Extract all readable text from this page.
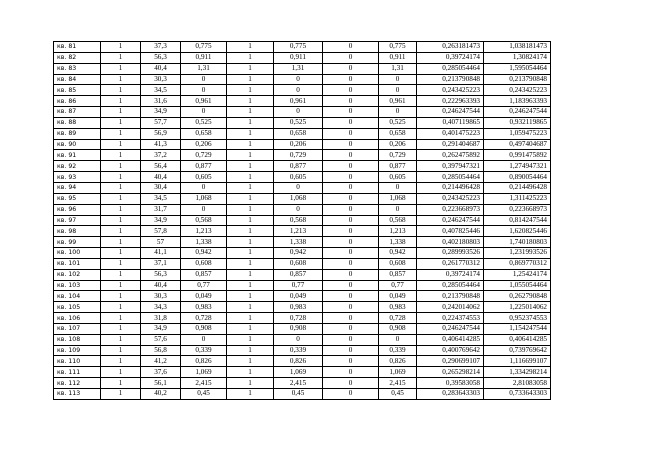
кв. 81	1	37,3	0,775	1	0,775	0	0,775	0,263181473	1,038181473
кв. 82	1	56,3	0,911	1	0,911	0	0,911	0,39724174	1,30824174
кв. 83	1	40,4	1,31	1	1,31	0	1,31	0,285054464	1,595054464
кв. 84	1	30,3	0	1	0	0	0	0,213790848	0,213790848
кв. 85	1	34,5	0	1	0	0	0	0,243425223	0,243425223
кв. 86	1	31,6	0,961	1	0,961	0	0,961	0,222963393	1,183963393
кв. 87	1	34,9	0	1	0	0	0	0,246247544	0,246247544
кв. 88	1	57,7	0,525	1	0,525	0	0,525	0,407119865	0,932119865
кв. 89	1	56,9	0,658	1	0,658	0	0,658	0,401475223	1,059475223
кв. 90	1	41,3	0,206	1	0,206	0	0,206	0,291404687	0,497404687
кв. 91	1	37,2	0,729	1	0,729	0	0,729	0,262475892	0,991475892
кв. 92	1	56,4	0,877	1	0,877	0	0,877	0,397947321	1,274947321
кв. 93	1	40,4	0,605	1	0,605	0	0,605	0,285054464	0,890054464
кв. 94	1	30,4	0	1	0	0	0	0,214496428	0,214496428
кв. 95	1	34,5	1,068	1	1,068	0	1,068	0,243425223	1,311425223
кв. 96	1	31,7	0	1	0	0	0	0,223668973	0,223668973
кв. 97	1	34,9	0,568	1	0,568	0	0,568	0,246247544	0,814247544
кв. 98	1	57,8	1,213	1	1,213	0	1,213	0,407825446	1,620825446
кв. 99	1	57	1,338	1	1,338	0	1,338	0,402180803	1,740180803
кв. 100	1	41,1	0,942	1	0,942	0	0,942	0,289993526	1,231993526
кв. 101	1	37,1	0,608	1	0,608	0	0,608	0,261770312	0,869770312
кв. 102	1	56,3	0,857	1	0,857	0	0,857	0,39724174	1,25424174
кв. 103	1	40,4	0,77	1	0,77	0	0,77	0,285054464	1,055054464
кв. 104	1	30,3	0,049	1	0,049	0	0,049	0,213790848	0,262790848
кв. 105	1	34,3	0,983	1	0,983	0	0,983	0,242014062	1,225014062
кв. 106	1	31,8	0,728	1	0,728	0	0,728	0,224374553	0,952374553
кв. 107	1	34,9	0,908	1	0,908	0	0,908	0,246247544	1,154247544
кв. 108	1	57,6	0	1	0	0	0	0,406414285	0,406414285
кв. 109	1	56,8	0,339	1	0,339	0	0,339	0,400769642	0,739769642
кв. 110	1	41,2	0,826	1	0,826	0	0,826	0,290699107	1,116699107
кв. 111	1	37,6	1,069	1	1,069	0	1,069	0,265298214	1,334298214
кв. 112	1	56,1	2,415	1	2,415	0	2,415	0,39583058	2,81083058
кв. 113	1	40,2	0,45	1	0,45	0	0,45	0,283643303	0,733643303
